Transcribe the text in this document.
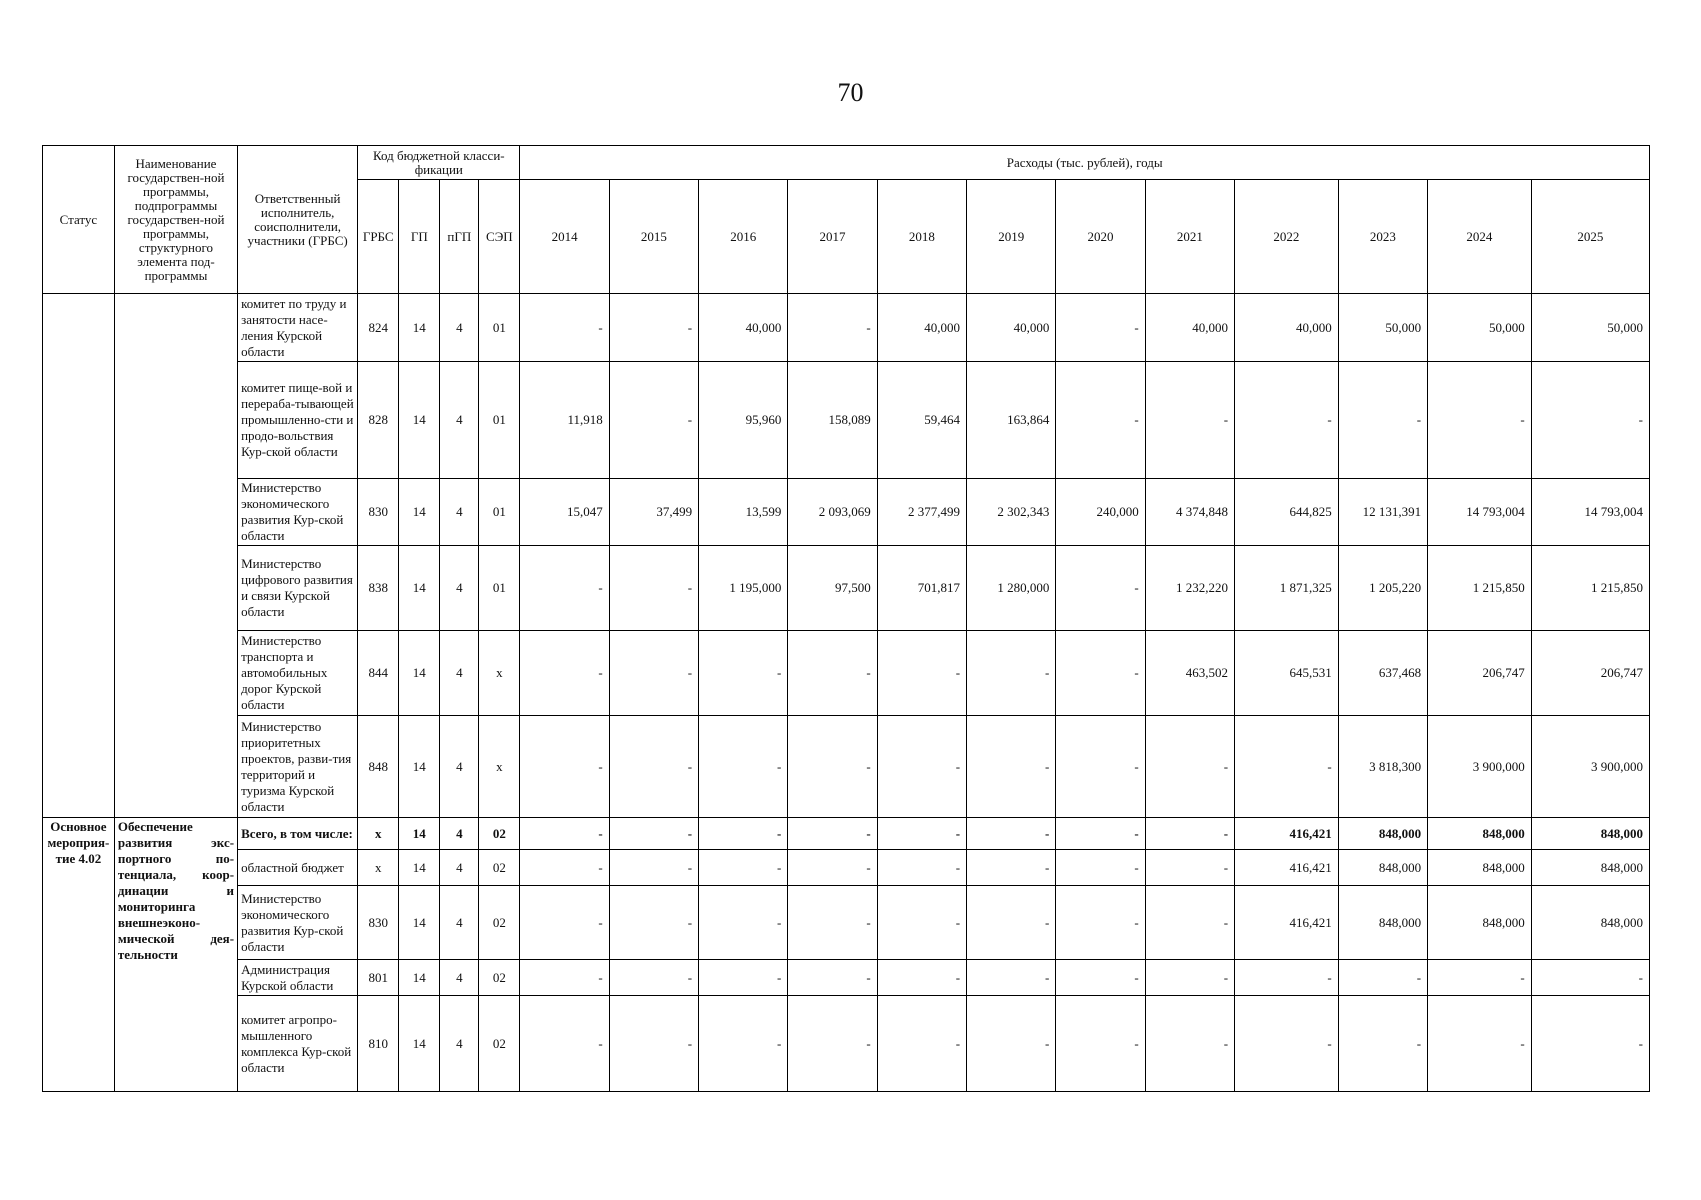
70
Статус	Наименование государствен-ной программы, подпрограммы государствен-ной программы, структурного элемента под-программы	Ответственный исполнитель, соисполнители, участники (ГРБС)	Код бюджетной класси-фикации				Расходы (тыс. рублей), годы											
			ГРБС	ГП	пГП	СЭП	2014	2015	2016	2017	2018	2019	2020	2021	2022	2023	2024	2025
		комитет по труду и занятости насе-ления Курской области	824	14	4	01	-	-	40,000	-	40,000	40,000	-	40,000	40,000	50,000	50,000	50,000
		комитет пище-вой и перераба-тывающей промышленно-сти и продо-вольствия Кур-ской области	828	14	4	01	11,918	-	95,960	158,089	59,464	163,864	-	-	-	-	-	-
		Министерство экономического развития Кур-ской области	830	14	4	01	15,047	37,499	13,599	2 093,069	2 377,499	2 302,343	240,000	4 374,848	644,825	12 131,391	14 793,004	14 793,004
		Министерство цифрового развития и связи Курской области	838	14	4	01	-	-	1 195,000	97,500	701,817	1 280,000	-	1 232,220	1 871,325	1 205,220	1 215,850	1 215,850
		Министерство транспорта и автомобильных дорог Курской области	844	14	4	x	-	-	-	-	-	-	-	463,502	645,531	637,468	206,747	206,747
		Министерство приоритетных проектов, разви-тия территорий и туризма Курской области	848	14	4	x	-	-	-	-	-	-	-	-	-	3 818,300	3 900,000	3 900,000
Основное мероприя-тие 4.02	Обеспечение развития экс-портного по-тенциала, коор-динации и мониторинга внешнеэконо-мической дея-тельности	Всего, в том числе:	x	14	4	02	-	-	-	-	-	-	-	-	416,421	848,000	848,000	848,000
		областной бюджет	x	14	4	02	-	-	-	-	-	-	-	-	416,421	848,000	848,000	848,000
		Министерство экономического развития Кур-ской области	830	14	4	02	-	-	-	-	-	-	-	-	416,421	848,000	848,000	848,000
		Администрация Курской области	801	14	4	02	-	-	-	-	-	-	-	-	-	-	-	-
		комитет агропро-мышленного комплекса Кур-ской области	810	14	4	02	-	-	-	-	-	-	-	-	-	-	-	-
